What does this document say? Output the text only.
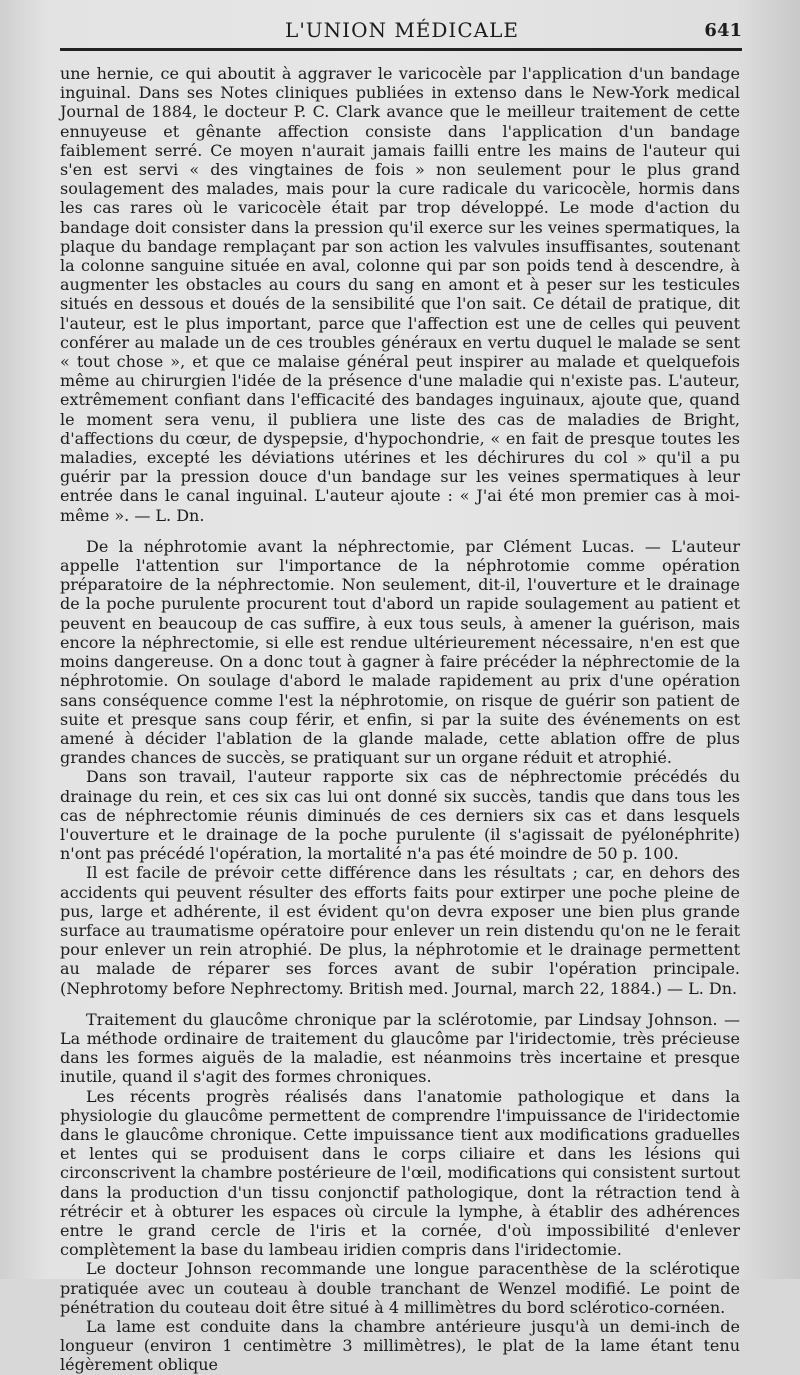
L'UNION MÉDICALE	641

une hernie, ce qui aboutit à aggraver le varicocèle par l'application d'un bandage inguinal. Dans ses Notes cliniques publiées in extenso dans le New-York medical Journal de 1884, le docteur P. C. Clark avance que le meilleur traitement de cette ennuyeuse et gênante affection consiste dans l'application d'un bandage faiblement serré. Ce moyen n'aurait jamais failli entre les mains de l'auteur qui s'en est servi « des vingtaines de fois » non seulement pour le plus grand soulagement des malades, mais pour la cure radicale du varicocèle, hormis dans les cas rares où le varicocèle était par trop développé. Le mode d'action du bandage doit consister dans la pression qu'il exerce sur les veines spermatiques, la plaque du bandage remplaçant par son action les valvules insuffisantes, soutenant la colonne sanguine située en aval, colonne qui par son poids tend à descendre, à augmenter les obstacles au cours du sang en amont et à peser sur les testicules situés en dessous et doués de la sensibilité que l'on sait. Ce détail de pratique, dit l'auteur, est le plus important, parce que l'affection est une de celles qui peuvent conférer au malade un de ces troubles généraux en vertu duquel le malade se sent « tout chose », et que ce malaise général peut inspirer au malade et quelquefois même au chirurgien l'idée de la présence d'une maladie qui n'existe pas. L'auteur, extrêmement confiant dans l'efficacité des bandages inguinaux, ajoute que, quand le moment sera venu, il publiera une liste des cas de maladies de Bright, d'affections du cœur, de dyspepsie, d'hypochondrie, « en fait de presque toutes les maladies, excepté les déviations utérines et les déchirures du col » qu'il a pu guérir par la pression douce d'un bandage sur les veines spermatiques à leur entrée dans le canal inguinal. L'auteur ajoute : « J'ai été mon premier cas à moi-même ». — L. Dn.

De la néphrotomie avant la néphrectomie, par Clément Lucas. — L'auteur appelle l'attention sur l'importance de la néphrotomie comme opération préparatoire de la néphrectomie. Non seulement, dit-il, l'ouverture et le drainage de la poche purulente procurent tout d'abord un rapide soulagement au patient et peuvent en beaucoup de cas suffire, à eux tous seuls, à amener la guérison, mais encore la néphrectomie, si elle est rendue ultérieurement nécessaire, n'en est que moins dangereuse. On a donc tout à gagner à faire précéder la néphrectomie de la néphrotomie. On soulage d'abord le malade rapidement au prix d'une opération sans conséquence comme l'est la néphrotomie, on risque de guérir son patient de suite et presque sans coup férir, et enfin, si par la suite des événements on est amené à décider l'ablation de la glande malade, cette ablation offre de plus grandes chances de succès, se pratiquant sur un organe réduit et atrophié.

Dans son travail, l'auteur rapporte six cas de néphrectomie précédés du drainage du rein, et ces six cas lui ont donné six succès, tandis que dans tous les cas de néphrectomie réunis diminués de ces derniers six cas et dans lesquels l'ouverture et le drainage de la poche purulente (il s'agissait de pyélonéphrite) n'ont pas précédé l'opération, la mortalité n'a pas été moindre de 50 p. 100.

Il est facile de prévoir cette différence dans les résultats ; car, en dehors des accidents qui peuvent résulter des efforts faits pour extirper une poche pleine de pus, large et adhérente, il est évident qu'on devra exposer une bien plus grande surface au traumatisme opératoire pour enlever un rein distendu qu'on ne le ferait pour enlever un rein atrophié. De plus, la néphrotomie et le drainage permettent au malade de réparer ses forces avant de subir l'opération principale. (Nephrotomy before Nephrectomy. British med. Journal, march 22, 1884.) — L. Dn.

Traitement du glaucôme chronique par la sclérotomie, par Lindsay Johnson. — La méthode ordinaire de traitement du glaucôme par l'iridectomie, très précieuse dans les formes aiguës de la maladie, est néanmoins très incertaine et presque inutile, quand il s'agit des formes chroniques.

Les récents progrès réalisés dans l'anatomie pathologique et dans la physiologie du glaucôme permettent de comprendre l'impuissance de l'iridectomie dans le glaucôme chronique. Cette impuissance tient aux modifications graduelles et lentes qui se produisent dans le corps ciliaire et dans les lésions qui circonscrivent la chambre postérieure de l'œil, modifications qui consistent surtout dans la production d'un tissu conjonctif pathologique, dont la rétraction tend à rétrécir et à obturer les espaces où circule la lymphe, à établir des adhérences entre le grand cercle de l'iris et la cornée, d'où impossibilité d'enlever complètement la base du lambeau iridien compris dans l'iridectomie.

Le docteur Johnson recommande une longue paracenthèse de la sclérotique pratiquée avec un couteau à double tranchant de Wenzel modifié. Le point de pénétration du couteau doit être situé à 4 millimètres du bord sclérotico-cornéen.

La lame est conduite dans la chambre antérieure jusqu'à un demi-inch de longueur (environ 1 centimètre 3 millimètres), le plat de la lame étant tenu légèrement oblique
